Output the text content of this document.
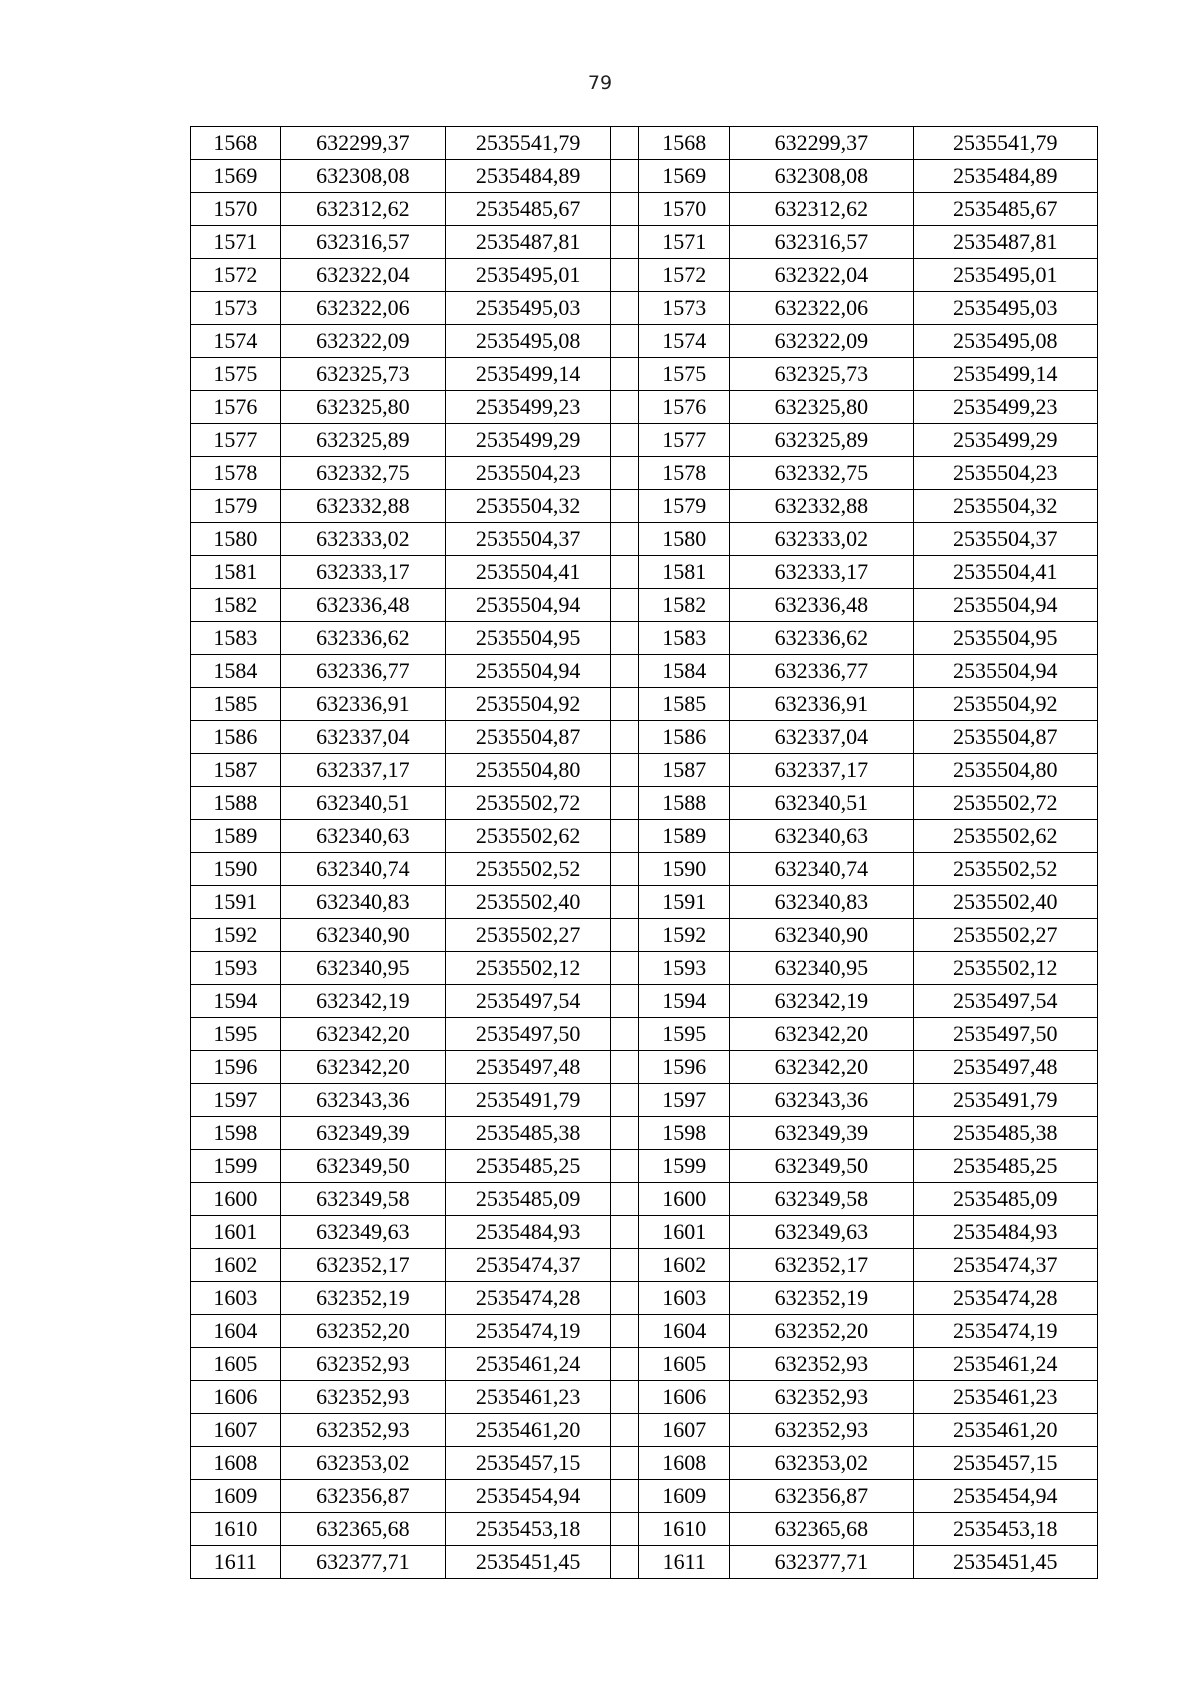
79
1568	632299,37	2535541,79		1568	632299,37	2535541,79
1569	632308,08	2535484,89		1569	632308,08	2535484,89
1570	632312,62	2535485,67		1570	632312,62	2535485,67
1571	632316,57	2535487,81		1571	632316,57	2535487,81
1572	632322,04	2535495,01		1572	632322,04	2535495,01
1573	632322,06	2535495,03		1573	632322,06	2535495,03
1574	632322,09	2535495,08		1574	632322,09	2535495,08
1575	632325,73	2535499,14		1575	632325,73	2535499,14
1576	632325,80	2535499,23		1576	632325,80	2535499,23
1577	632325,89	2535499,29		1577	632325,89	2535499,29
1578	632332,75	2535504,23		1578	632332,75	2535504,23
1579	632332,88	2535504,32		1579	632332,88	2535504,32
1580	632333,02	2535504,37		1580	632333,02	2535504,37
1581	632333,17	2535504,41		1581	632333,17	2535504,41
1582	632336,48	2535504,94		1582	632336,48	2535504,94
1583	632336,62	2535504,95		1583	632336,62	2535504,95
1584	632336,77	2535504,94		1584	632336,77	2535504,94
1585	632336,91	2535504,92		1585	632336,91	2535504,92
1586	632337,04	2535504,87		1586	632337,04	2535504,87
1587	632337,17	2535504,80		1587	632337,17	2535504,80
1588	632340,51	2535502,72		1588	632340,51	2535502,72
1589	632340,63	2535502,62		1589	632340,63	2535502,62
1590	632340,74	2535502,52		1590	632340,74	2535502,52
1591	632340,83	2535502,40		1591	632340,83	2535502,40
1592	632340,90	2535502,27		1592	632340,90	2535502,27
1593	632340,95	2535502,12		1593	632340,95	2535502,12
1594	632342,19	2535497,54		1594	632342,19	2535497,54
1595	632342,20	2535497,50		1595	632342,20	2535497,50
1596	632342,20	2535497,48		1596	632342,20	2535497,48
1597	632343,36	2535491,79		1597	632343,36	2535491,79
1598	632349,39	2535485,38		1598	632349,39	2535485,38
1599	632349,50	2535485,25		1599	632349,50	2535485,25
1600	632349,58	2535485,09		1600	632349,58	2535485,09
1601	632349,63	2535484,93		1601	632349,63	2535484,93
1602	632352,17	2535474,37		1602	632352,17	2535474,37
1603	632352,19	2535474,28		1603	632352,19	2535474,28
1604	632352,20	2535474,19		1604	632352,20	2535474,19
1605	632352,93	2535461,24		1605	632352,93	2535461,24
1606	632352,93	2535461,23		1606	632352,93	2535461,23
1607	632352,93	2535461,20		1607	632352,93	2535461,20
1608	632353,02	2535457,15		1608	632353,02	2535457,15
1609	632356,87	2535454,94		1609	632356,87	2535454,94
1610	632365,68	2535453,18		1610	632365,68	2535453,18
1611	632377,71	2535451,45		1611	632377,71	2535451,45
